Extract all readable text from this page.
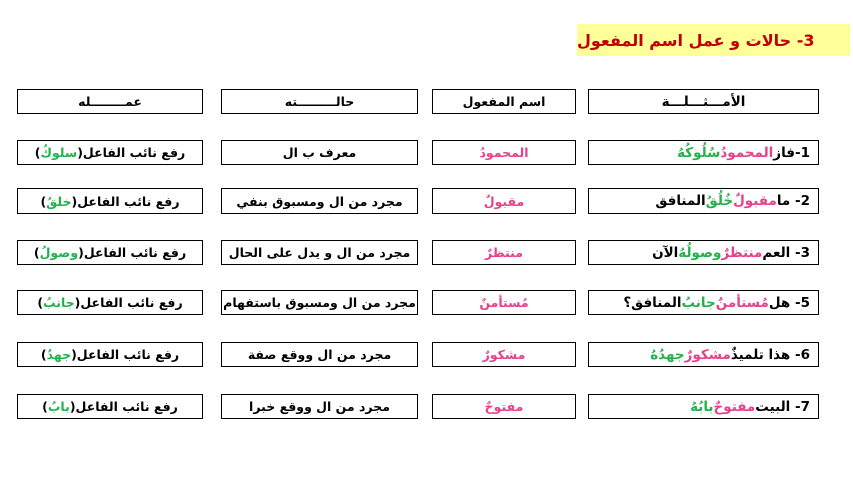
3- حالات و عمل اسم المفعول
الأمـــثـــلـــة
اسم المفعول
حالـــــــــته
عمــــــــله
1-فاز
المحمودُ
سُلُوكُهُ
المحمودُ
معرف ب ال
رفع نائب الفاعل(
سلوكُ
)
2- ما
مقبولٌ
خُلُقُ
المنافق
مقبولٌ
مجرد من ال ومسبوق بنفي
رفع نائب الفاعل(
خلقُ
)
3- العم
منتظرٌ
وصولُهُ
الآن
منتظرٌ
مجرد من ال و يدل على الحال
رفع نائب الفاعل(
وصولُ
)
5- هل
مُستأمنٌ
جانبُ
المنافق؟
مُستأمنٌ
مجرد من ال ومسبوق باستفهام
رفع نائب الفاعل(
جانبُ
)
6- هذا تلميذٌ
مشكورٌ
جهدُهُ
مشكورٌ
مجرد من ال ووقع صفة
رفع نائب الفاعل(
جهدُ
)
7- البيت
مفتوحٌ
بابُهُ
مفتوحٌ
مجرد من ال ووقع خبرا
رفع نائب الفاعل(
بابُ
)
